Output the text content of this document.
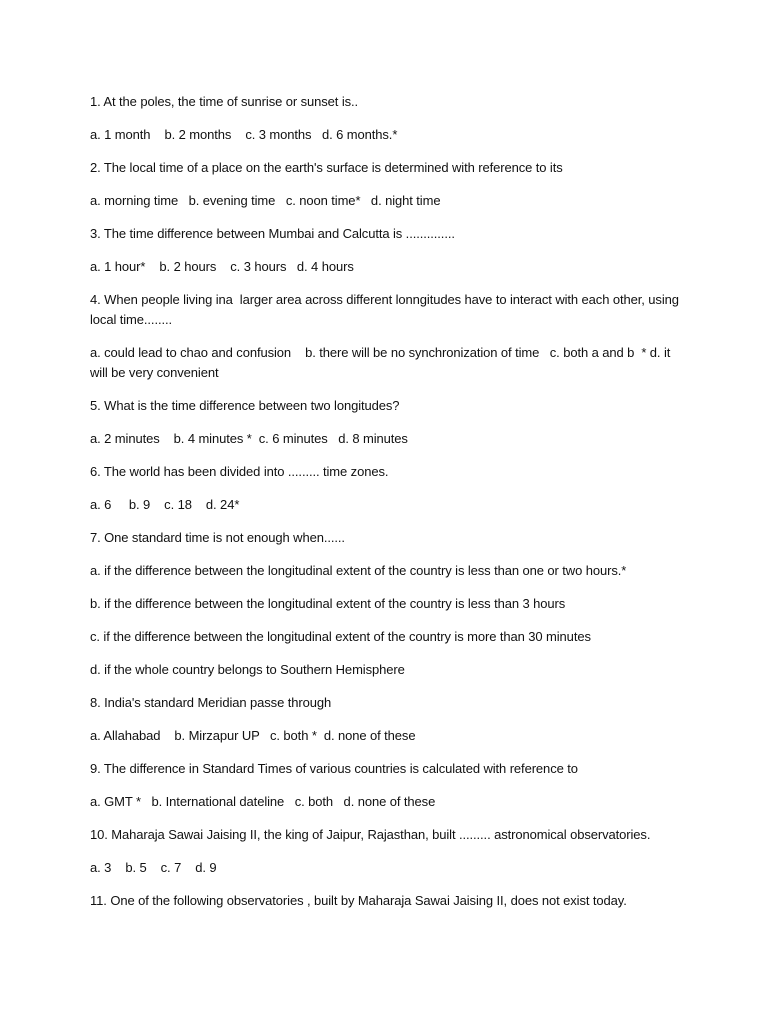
1. At the poles, the time of sunrise or sunset is..

a. 1 month    b. 2 months    c. 3 months   d. 6 months.*

2. The local time of a place on the earth's surface is determined with reference to its

a. morning time   b. evening time   c. noon time*   d. night time

3. The time difference between Mumbai and Calcutta is ..............

a. 1 hour*    b. 2 hours    c. 3 hours   d. 4 hours

4. When people living ina  larger area across different lonngitudes have to interact with each other, using local time........

a. could lead to chao and confusion    b. there will be no synchronization of time   c. both a and b  * d. it will be very convenient

5. What is the time difference between two longitudes?

a. 2 minutes    b. 4 minutes *  c. 6 minutes   d. 8 minutes

6. The world has been divided into ......... time zones.

a. 6     b. 9    c. 18    d. 24*

7. One standard time is not enough when......

a. if the difference between the longitudinal extent of the country is less than one or two hours.*

b. if the difference between the longitudinal extent of the country is less than 3 hours

c. if the difference between the longitudinal extent of the country is more than 30 minutes

d. if the whole country belongs to Southern Hemisphere

8. India's standard Meridian passe through

a. Allahabad    b. Mirzapur UP   c. both *  d. none of these

9. The difference in Standard Times of various countries is calculated with reference to

a. GMT *   b. International dateline   c. both   d. none of these

10. Maharaja Sawai Jaising II, the king of Jaipur, Rajasthan, built ......... astronomical observatories.

a. 3    b. 5    c. 7    d. 9

11. One of the following observatories , built by Maharaja Sawai Jaising II, does not exist today.
